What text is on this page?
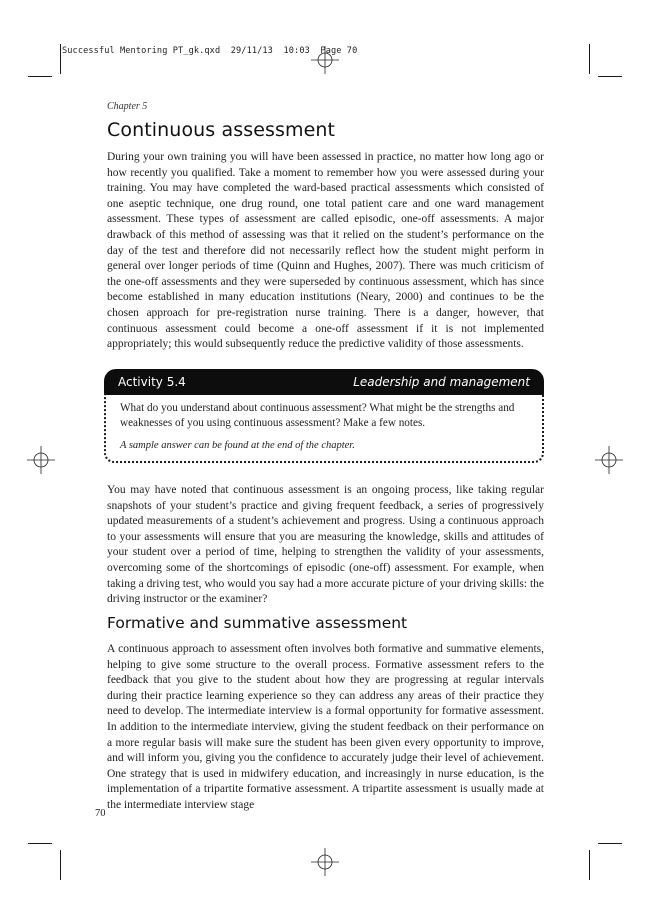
Successful Mentoring PT_gk.qxd  29/11/13  10:03  Page 70
Chapter 5
Continuous assessment

During your own training you will have been assessed in practice, no matter how long ago or how recently you qualified. Take a moment to remember how you were assessed during your training. You may have completed the ward-based practical assessments which consisted of one aseptic technique, one drug round, one total patient care and one ward management assessment. These types of assessment are called episodic, one-off assessments. A major drawback of this method of assessing was that it relied on the student’s performance on the day of the test and therefore did not necessarily reflect how the student might perform in general over longer periods of time (Quinn and Hughes, 2007). There was much criticism of the one-off assessments and they were superseded by continuous assessment, which has since become established in many education institutions (Neary, 2000) and continues to be the chosen approach for pre-registration nurse training. There is a danger, however, that continuous assessment could become a one-off assessment if it is not implemented appropriately; this would subsequently reduce the predictive validity of those assessments.

Activity 5.4	Leadership and management

What do you understand about continuous assessment? What might be the strengths and weaknesses of you using continuous assessment? Make a few notes.

A sample answer can be found at the end of the chapter.

You may have noted that continuous assessment is an ongoing process, like taking regular snapshots of your student’s practice and giving frequent feedback, a series of progressively updated measurements of a student’s achievement and progress. Using a continuous approach to your assessments will ensure that you are measuring the knowledge, skills and attitudes of your student over a period of time, helping to strengthen the validity of your assessments, overcoming some of the shortcomings of episodic (one-off) assessment. For example, when taking a driving test, who would you say had a more accurate picture of your driving skills: the driving instructor or the examiner?

Formative and summative assessment

A continuous approach to assessment often involves both formative and summative elements, helping to give some structure to the overall process. Formative assessment refers to the feedback that you give to the student about how they are progressing at regular intervals during their practice learning experience so they can address any areas of their practice they need to develop. The intermediate interview is a formal opportunity for formative assessment. In addition to the intermediate interview, giving the student feedback on their performance on a more regular basis will make sure the student has been given every opportunity to improve, and will inform you, giving you the confidence to accurately judge their level of achievement. One strategy that is used in midwifery education, and increasingly in nurse education, is the implementation of a tripartite formative assessment. A tripartite assessment is usually made at the intermediate interview stage

70
